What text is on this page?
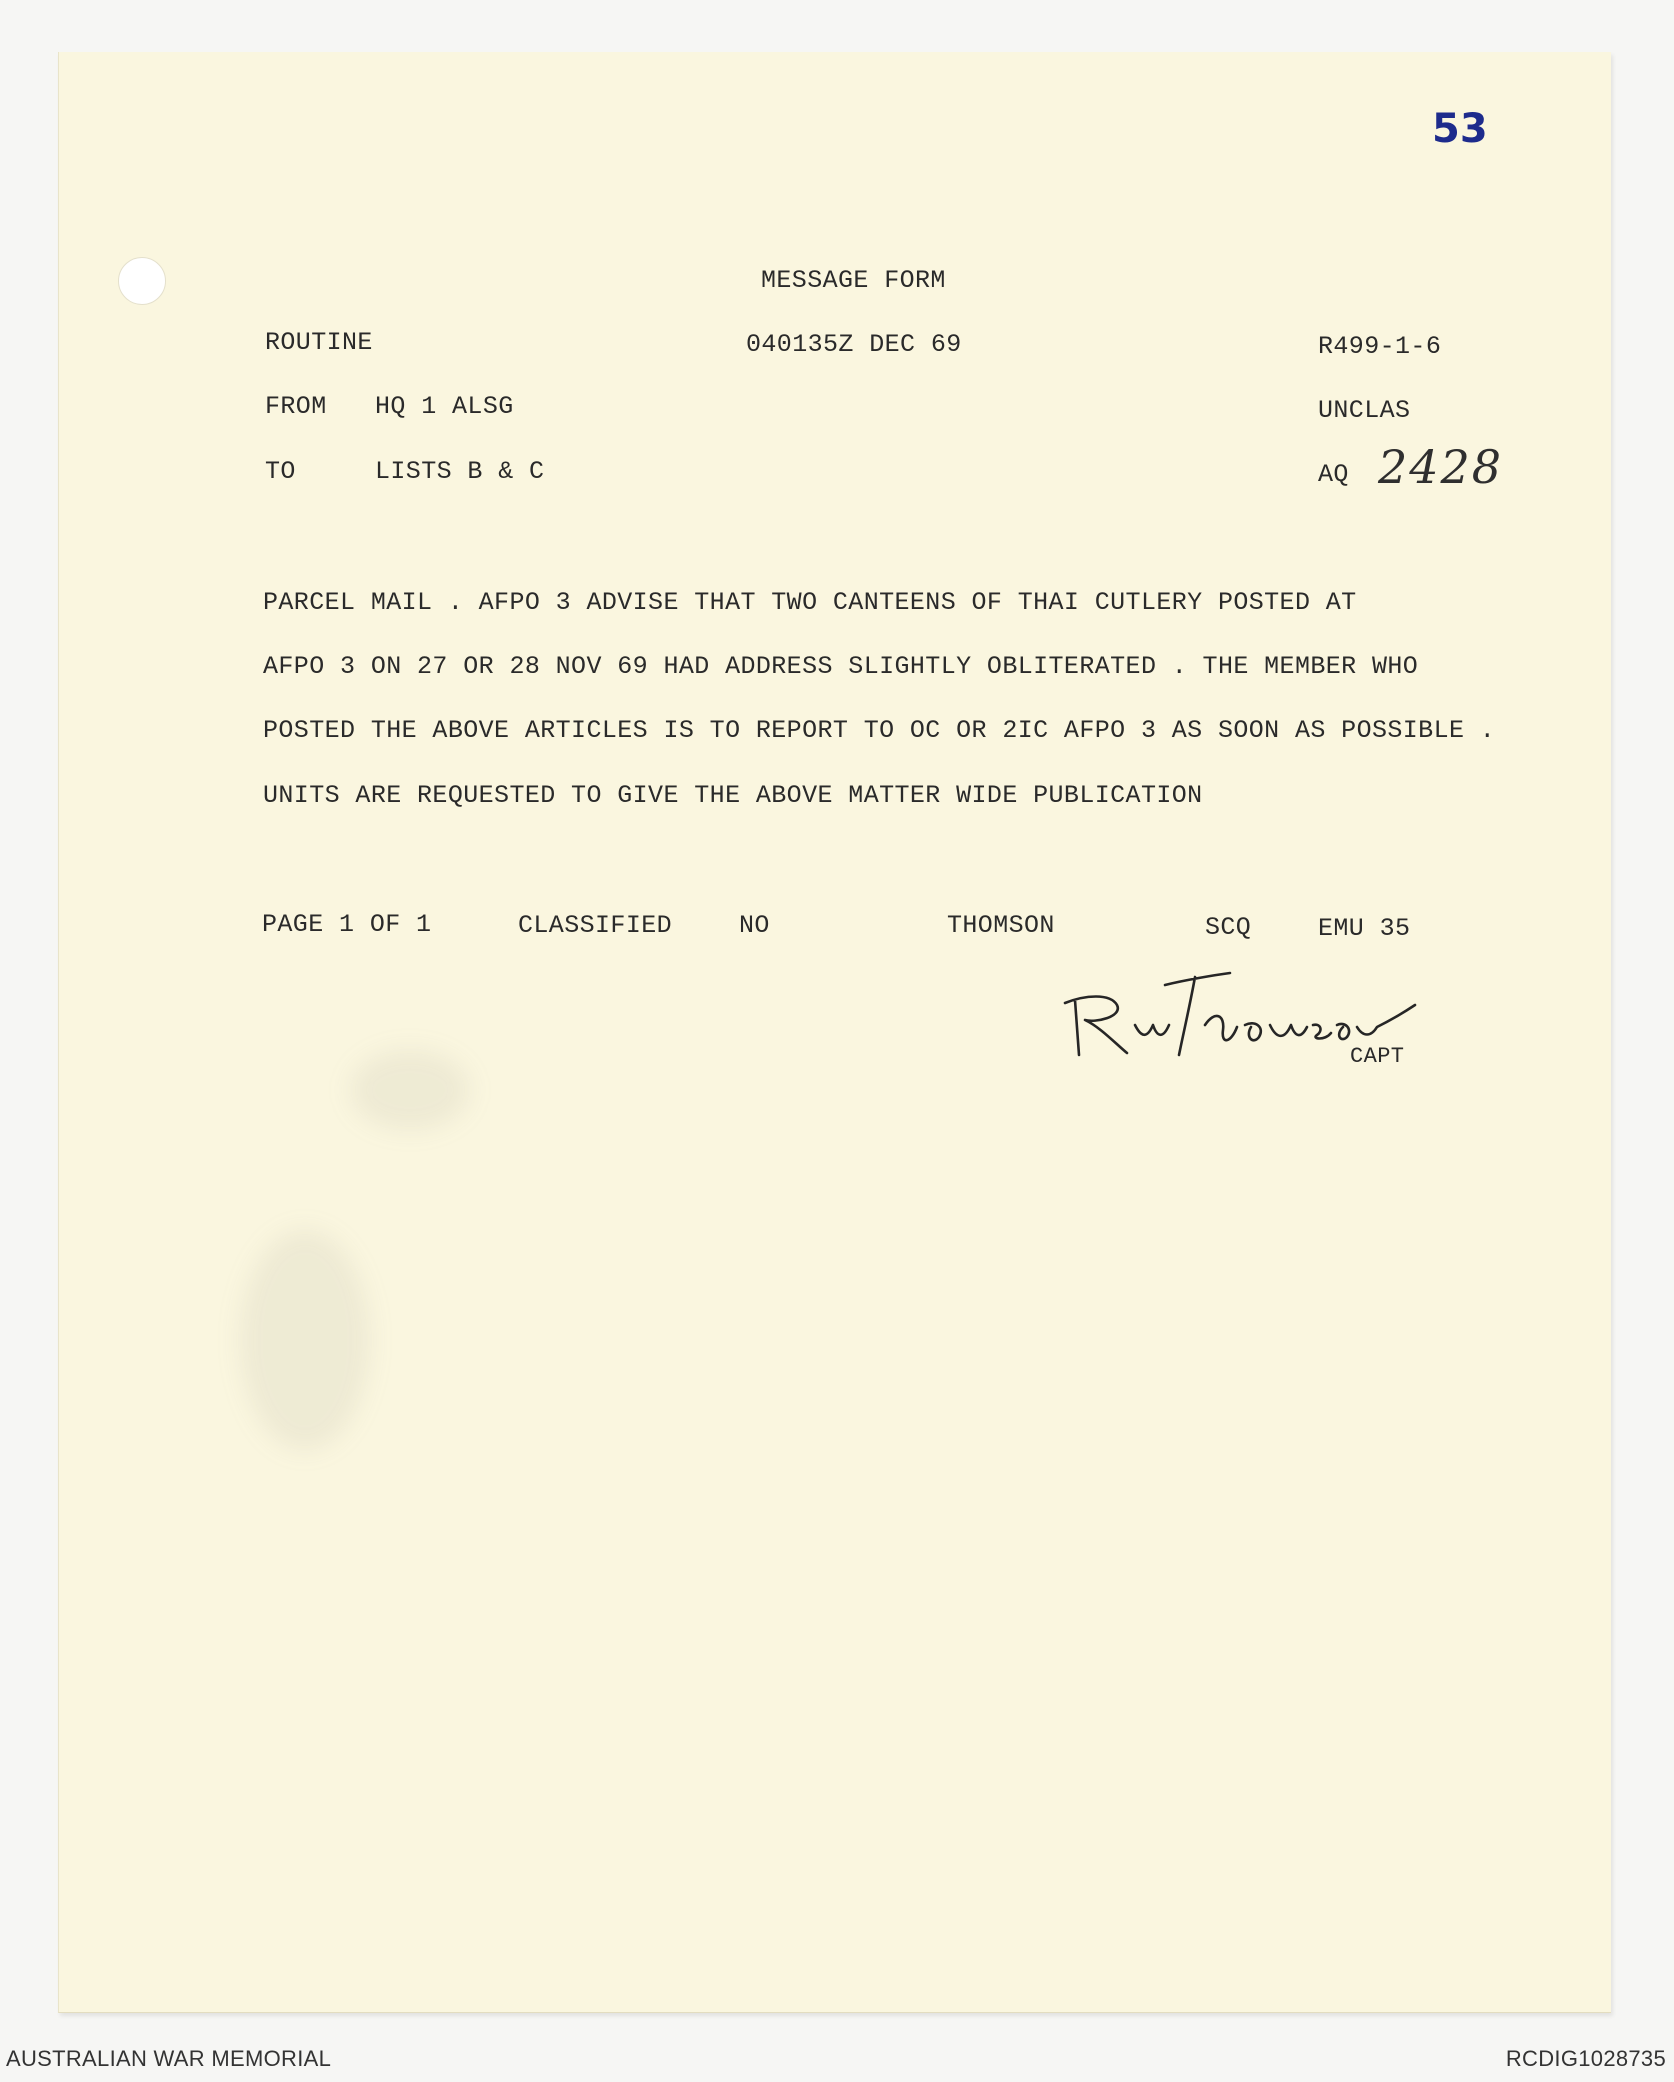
53
MESSAGE FORM
ROUTINE	040135Z DEC 69	R499-1-6
FROM HQ 1 ALSG	UNCLAS
TO	LISTS B & C	AQ 2428
PARCEL MAIL . AFPO 3 ADVISE THAT TWO CANTEENS OF THAI CUTLERY POSTED AT
AFPO 3 ON 27 OR 28 NOV 69 HAD ADDRESS SLIGHTLY OBLITERATED . THE MEMBER WHO
POSTED THE ABOVE ARTICLES IS TO REPORT TO OC OR 2IC AFPO 3 AS SOON AS POSSIBLE .
UNITS ARE REQUESTED TO GIVE THE ABOVE MATTER WIDE PUBLICATION
PAGE 1 OF 1	CLASSIFIED	NO	THOMSON	SCQ	EMU 35
CAPT
AUSTRALIAN WAR MEMORIAL	RCDIG1028735
